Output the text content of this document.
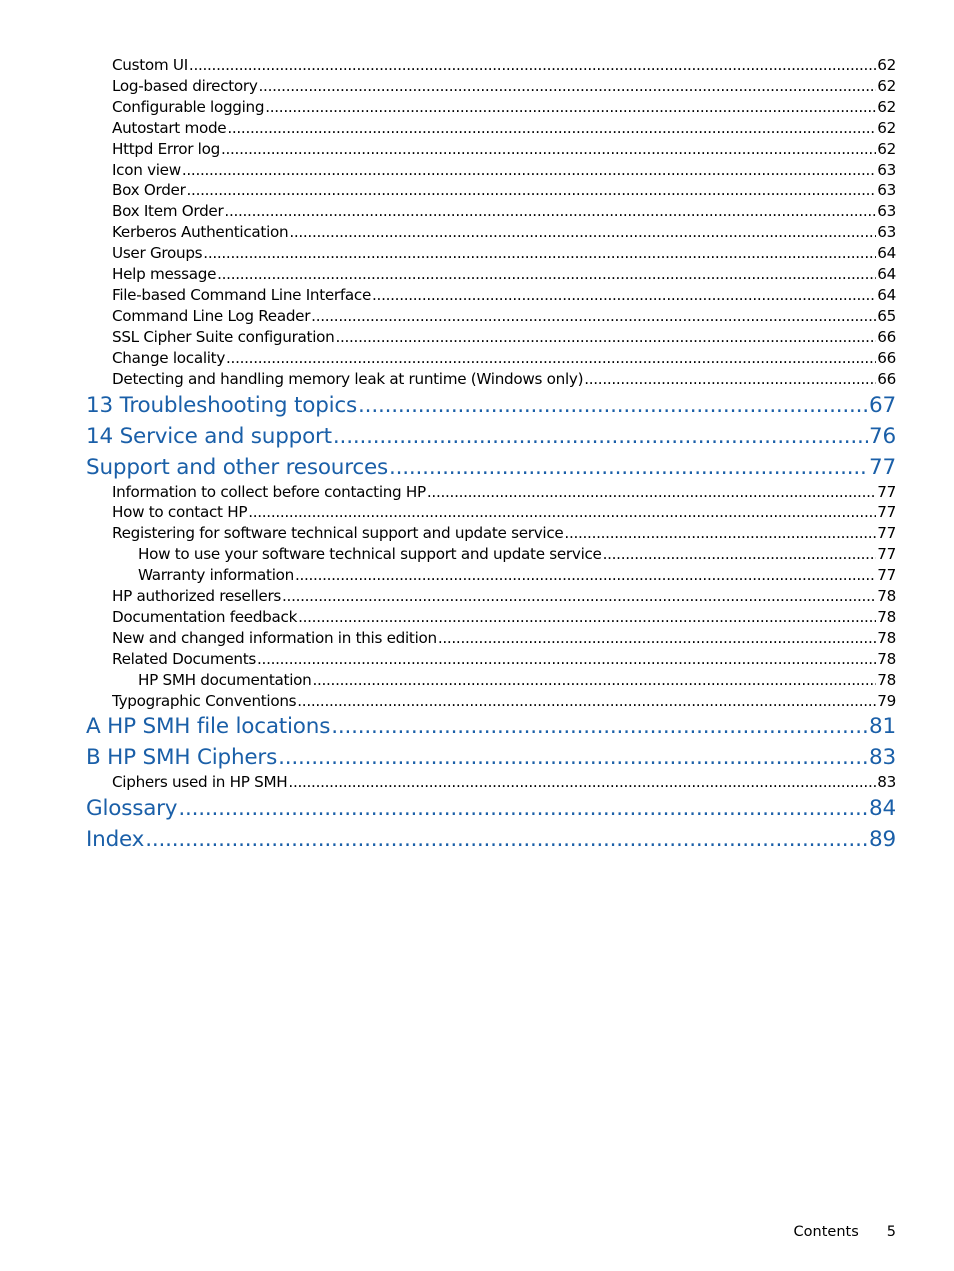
Custom UI .....	62
Log-based directory .....	62
Configurable logging .....	62
Autostart mode .....	62
Httpd Error log .....	62
Icon view .....	63
Box Order .....	63
Box Item Order .....	63
Kerberos Authentication .....	63
User Groups .....	64
Help message .....	64
File-based Command Line Interface .....	64
Command Line Log Reader .....	65
SSL Cipher Suite configuration .....	66
Change locality .....	66
Detecting and handling memory leak at runtime (Windows only) .....	66
13 Troubleshooting topics .....	67
14 Service and support .....	76
Support and other resources .....	77
Information to collect before contacting HP .....	77
How to contact HP .....	77
Registering for software technical support and update service .....	77
How to use your software technical support and update service .....	77
Warranty information .....	77
HP authorized resellers .....	78
Documentation feedback .....	78
New and changed information in this edition .....	78
Related Documents .....	78
HP SMH documentation .....	78
Typographic Conventions .....	79
A HP SMH file locations .....	81
B HP SMH Ciphers .....	83
Ciphers used in HP SMH .....	83
Glossary .....	84
Index .....	89
Contents 5
